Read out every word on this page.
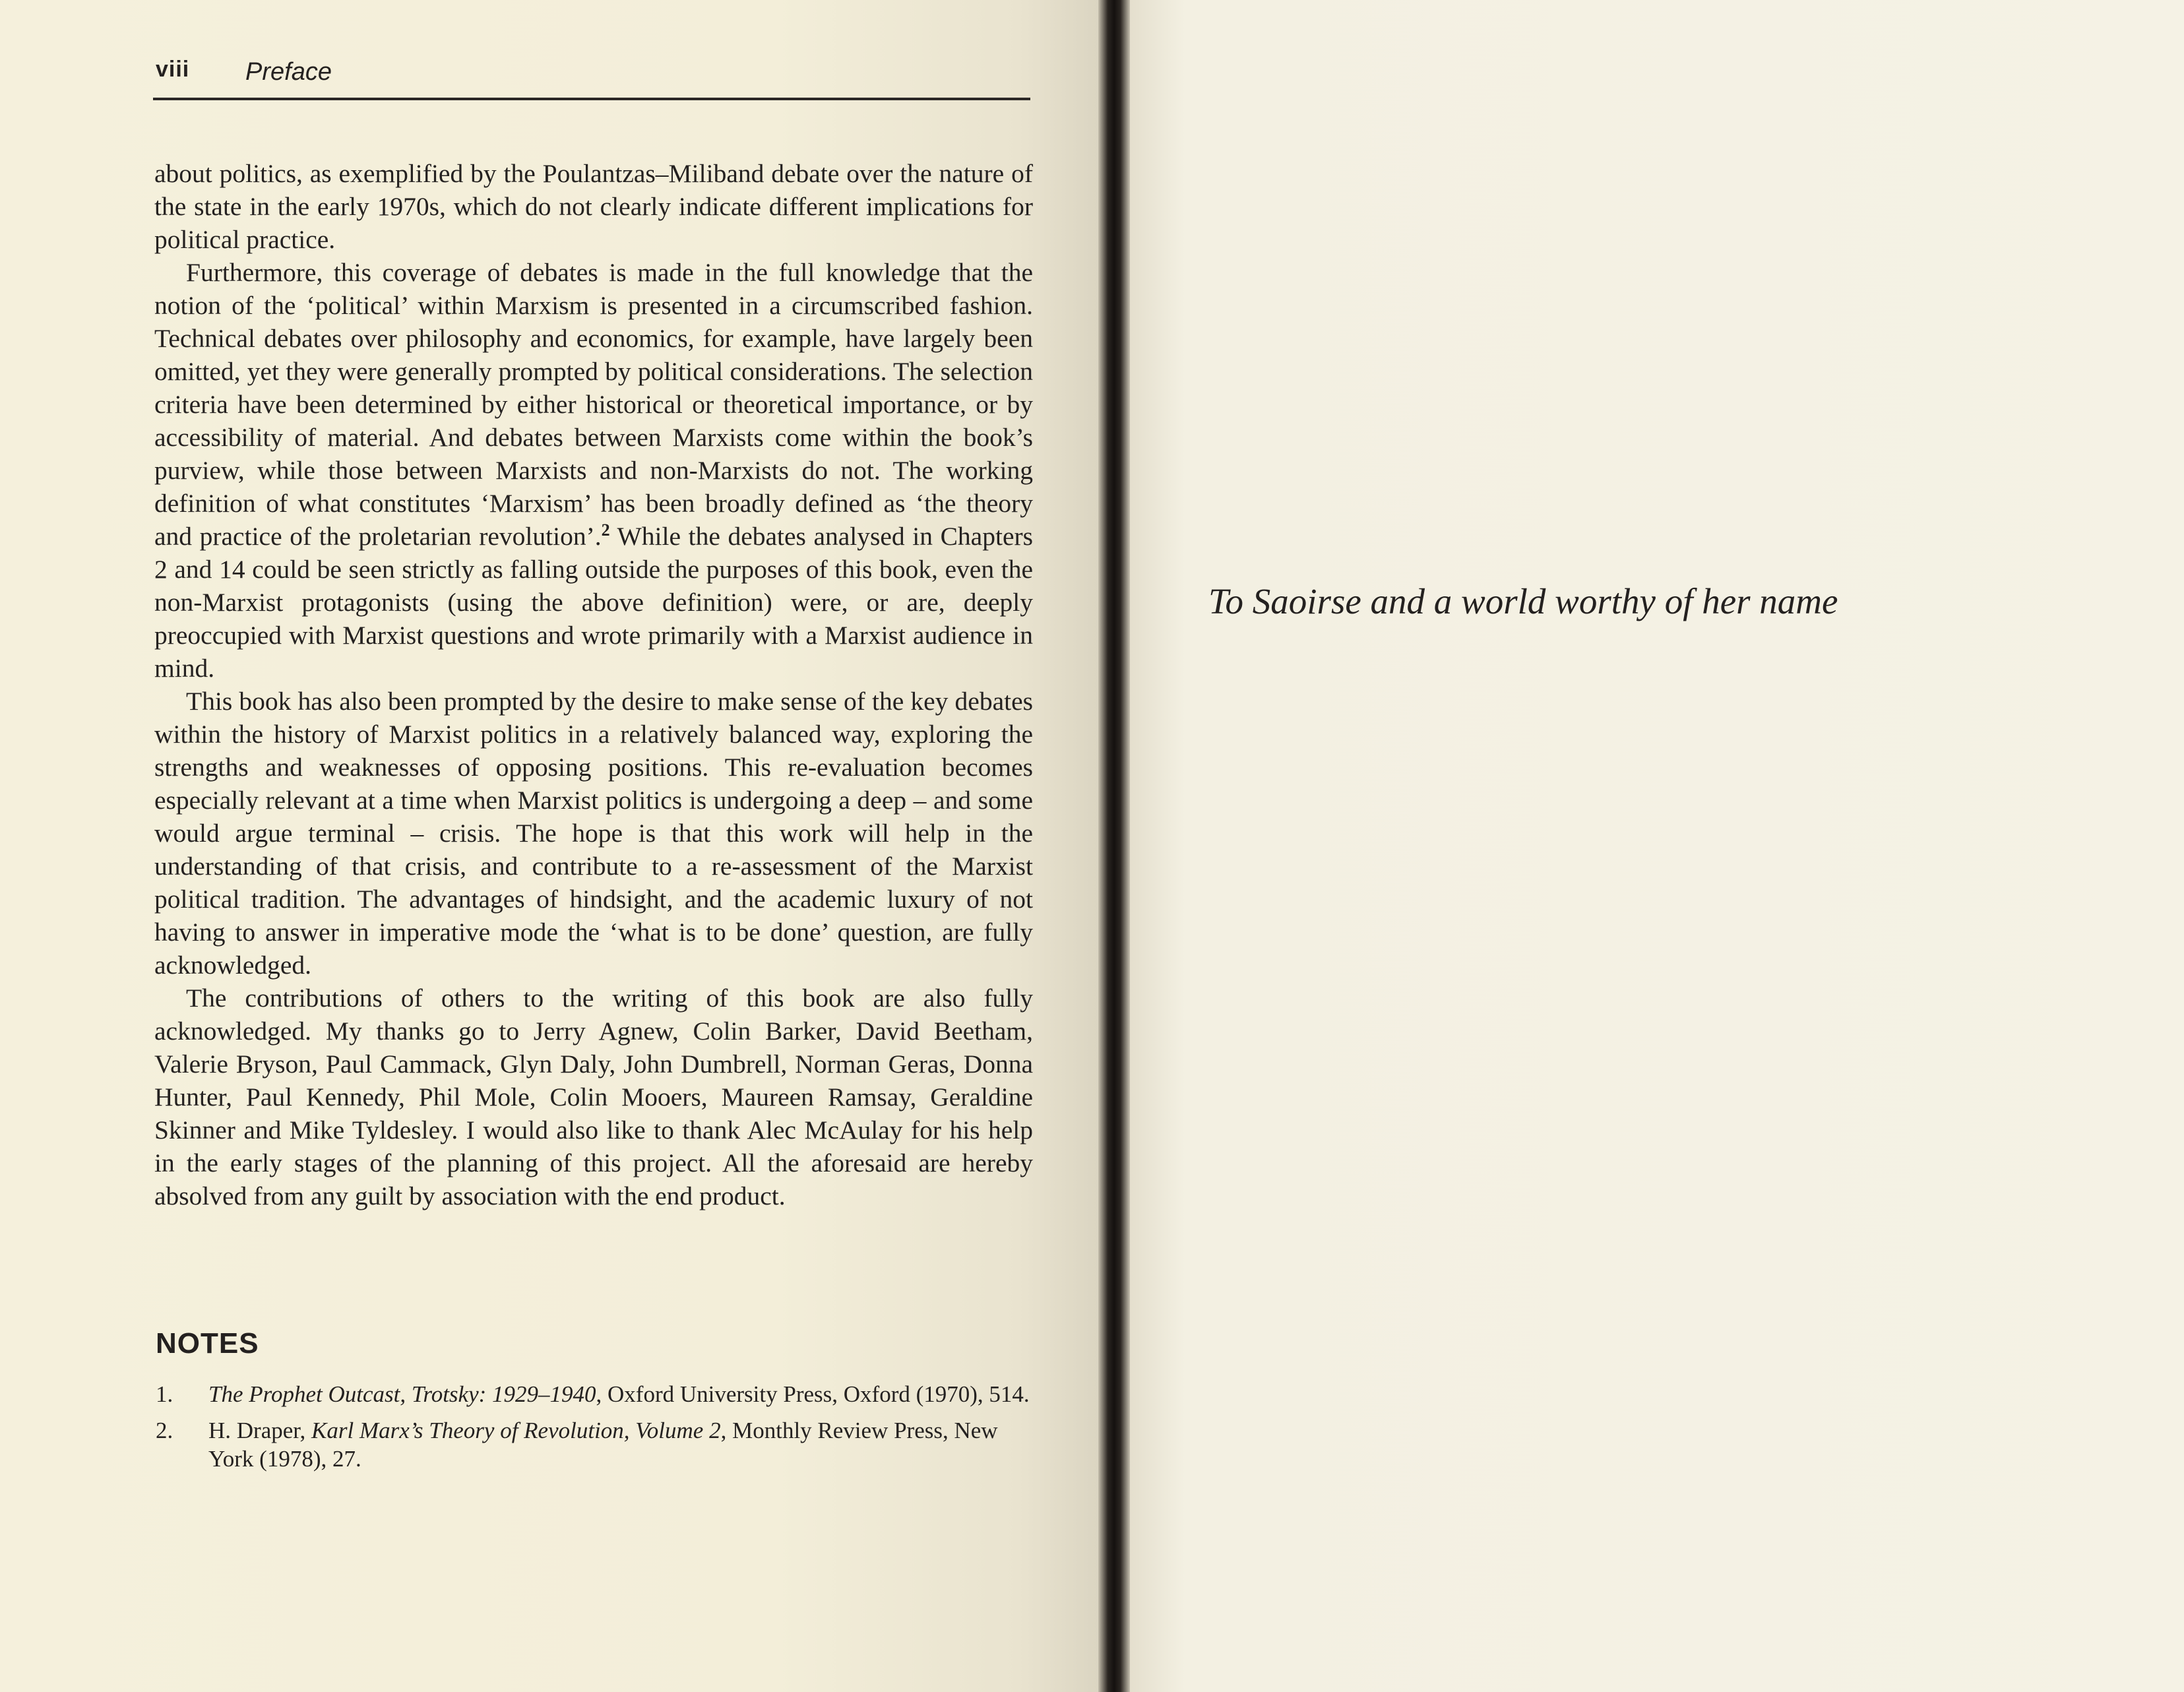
viii Preface

about politics, as exemplified by the Poulantzas–Miliband debate over the nature of the state in the early 1970s, which do not clearly indicate different implications for political practice.

Furthermore, this coverage of debates is made in the full knowledge that the notion of the ‘political’ within Marxism is presented in a circumscribed fashion. Technical debates over philosophy and economics, for example, have largely been omitted, yet they were generally prompted by political considerations. The selection criteria have been determined by either historical or theoretical importance, or by accessibility of material. And debates between Marxists come within the book’s purview, while those between Marxists and non-Marxists do not. The working definition of what constitutes ‘Marxism’ has been broadly defined as ‘the theory and practice of the proletarian revolution’.$^2$ While the debates analysed in Chapters 2 and 14 could be seen strictly as falling outside the purposes of this book, even the non-Marxist protagonists (using the above definition) were, or are, deeply preoccupied with Marxist questions and wrote primarily with a Marxist audience in mind.

This book has also been prompted by the desire to make sense of the key debates within the history of Marxist politics in a relatively balanced way, exploring the strengths and weaknesses of opposing positions. This re-evaluation becomes especially relevant at a time when Marxist politics is undergoing a deep – and some would argue terminal – crisis. The hope is that this work will help in the understanding of that crisis, and contribute to a re-assessment of the Marxist political tradition. The advantages of hindsight, and the academic luxury of not having to answer in imperative mode the ‘what is to be done’ question, are fully acknowledged.

The contributions of others to the writing of this book are also fully acknowledged. My thanks go to Jerry Agnew, Colin Barker, David Beetham, Valerie Bryson, Paul Cammack, Glyn Daly, John Dumbrell, Norman Geras, Donna Hunter, Paul Kennedy, Phil Mole, Colin Mooers, Maureen Ramsay, Geraldine Skinner and Mike Tyldesley. I would also like to thank Alec McAulay for his help in the early stages of the planning of this project. All the aforesaid are hereby absolved from any guilt by association with the end product.

NOTES
1. The Prophet Outcast, Trotsky: 1929–1940, Oxford University Press, Oxford (1970), 514.
2. H. Draper, Karl Marx’s Theory of Revolution, Volume 2, Monthly Review Press, New York (1978), 27.
To Saoirse and a world worthy of her name
